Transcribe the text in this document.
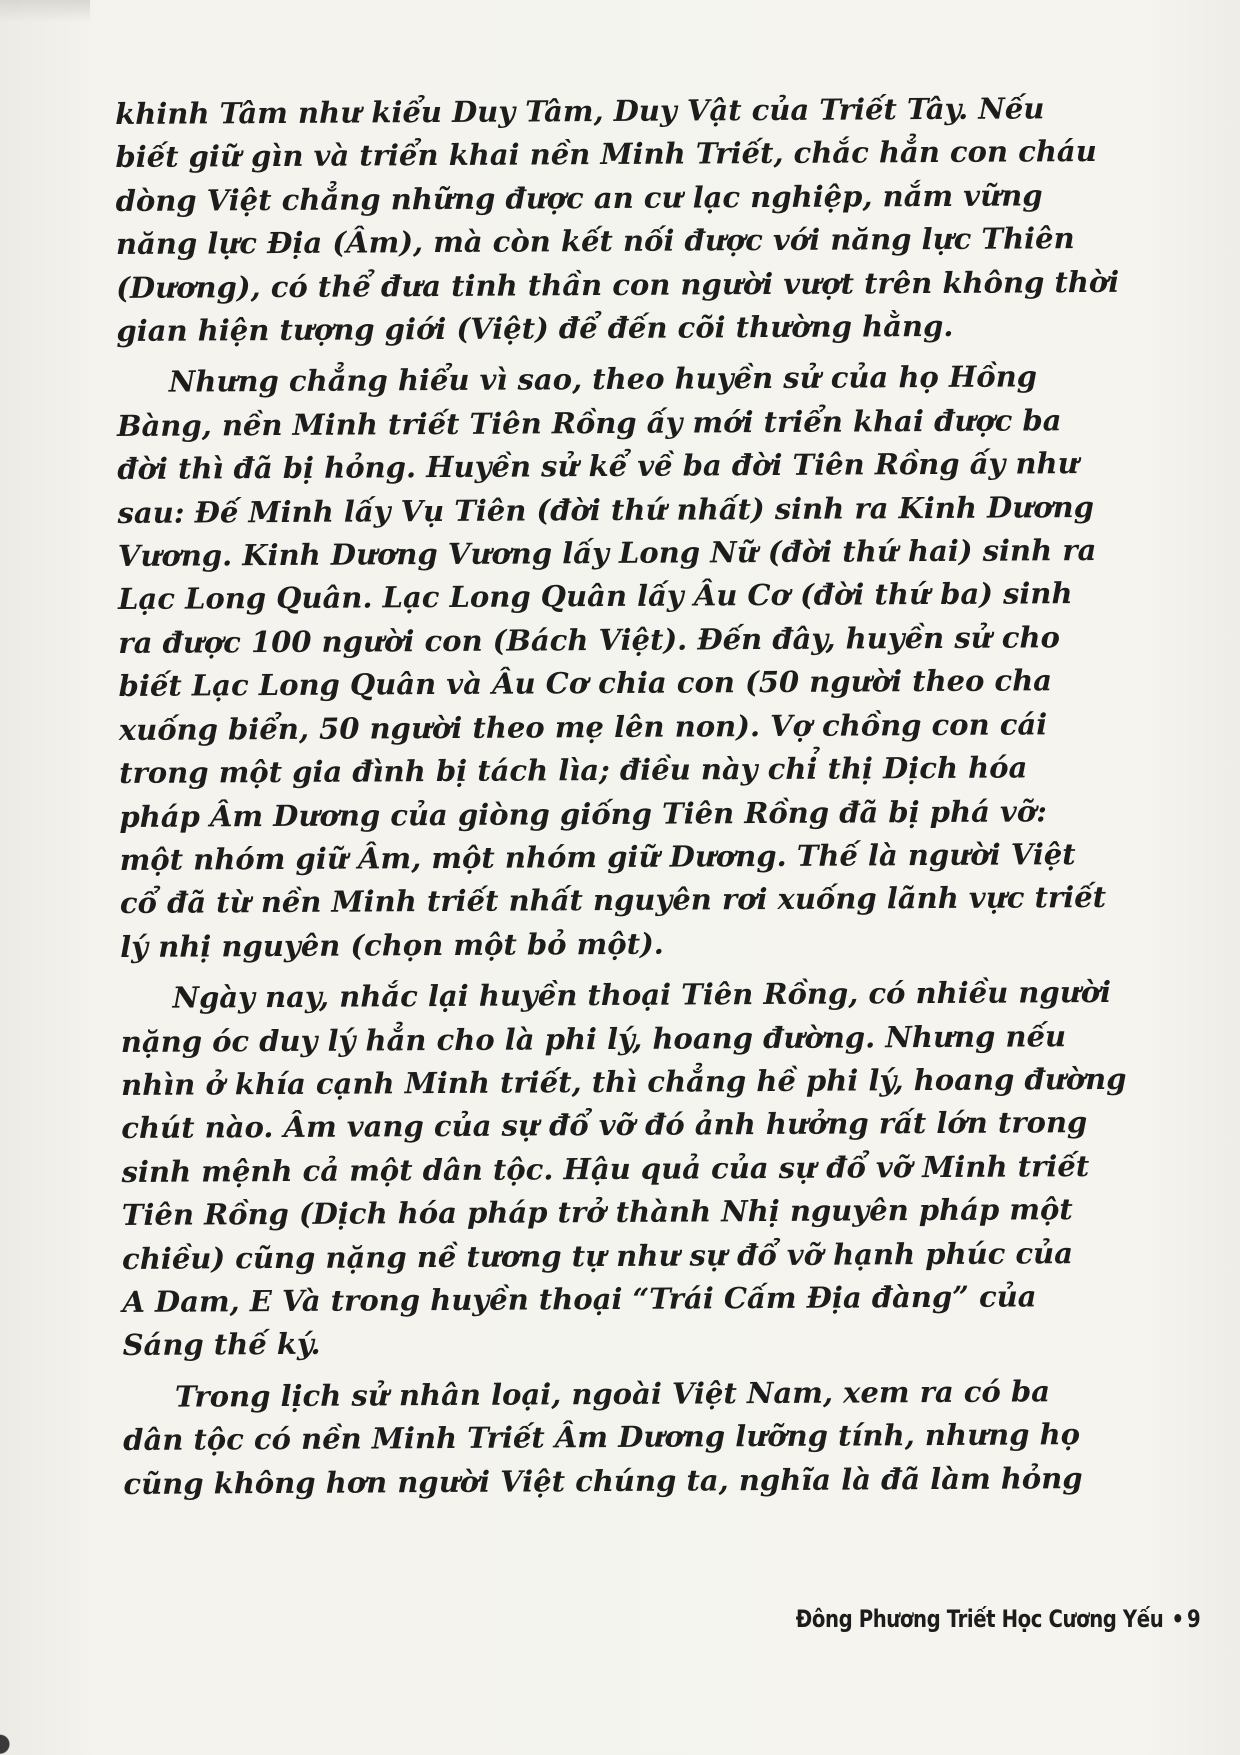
khinh Tâm như kiểu Duy Tâm, Duy Vật của Triết Tây. Nếu
biết giữ gìn và triển khai nền Minh Triết, chắc hẳn con cháu
dòng Việt chẳng những được an cư lạc nghiệp, nắm vững
năng lực Địa (Âm), mà còn kết nối được với năng lực Thiên
(Dương), có thể đưa tinh thần con người vượt trên không thời
gian hiện tượng giới (Việt) để đến cõi thường hằng.
Nhưng chẳng hiểu vì sao, theo huyền sử của họ Hồng
Bàng, nền Minh triết Tiên Rồng ấy mới triển khai được ba
đời thì đã bị hỏng. Huyền sử kể về ba đời Tiên Rồng ấy như
sau: Đế Minh lấy Vụ Tiên (đời thứ nhất) sinh ra Kinh Dương
Vương. Kinh Dương Vương lấy Long Nữ (đời thứ hai) sinh ra
Lạc Long Quân. Lạc Long Quân lấy Âu Cơ (đời thứ ba) sinh
ra được 100 người con (Bách Việt). Đến đây, huyền sử cho
biết Lạc Long Quân và Âu Cơ chia con (50 người theo cha
xuống biển, 50 người theo mẹ lên non). Vợ chồng con cái
trong một gia đình bị tách lìa; điều này chỉ thị Dịch hóa
pháp Âm Dương của giòng giống Tiên Rồng đã bị phá vỡ:
một nhóm giữ Âm, một nhóm giữ Dương. Thế là người Việt
cổ đã từ nền Minh triết nhất nguyên rơi xuống lãnh vực triết
lý nhị nguyên (chọn một bỏ một).
Ngày nay, nhắc lại huyền thoại Tiên Rồng, có nhiều người
nặng óc duy lý hẳn cho là phi lý, hoang đường. Nhưng nếu
nhìn ở khía cạnh Minh triết, thì chẳng hề phi lý, hoang đường
chút nào. Âm vang của sự đổ vỡ đó ảnh hưởng rất lớn trong
sinh mệnh cả một dân tộc. Hậu quả của sự đổ vỡ Minh triết
Tiên Rồng (Dịch hóa pháp trở thành Nhị nguyên pháp một
chiều) cũng nặng nề tương tự như sự đổ vỡ hạnh phúc của
A Dam, E Và trong huyền thoại “Trái Cấm Địa đàng” của
Sáng thế ký.
Trong lịch sử nhân loại, ngoài Việt Nam, xem ra có ba
dân tộc có nền Minh Triết Âm Dương lưỡng tính, nhưng họ
cũng không hơn người Việt chúng ta, nghĩa là đã làm hỏng
Đông Phương Triết Học Cương Yếu • 9
